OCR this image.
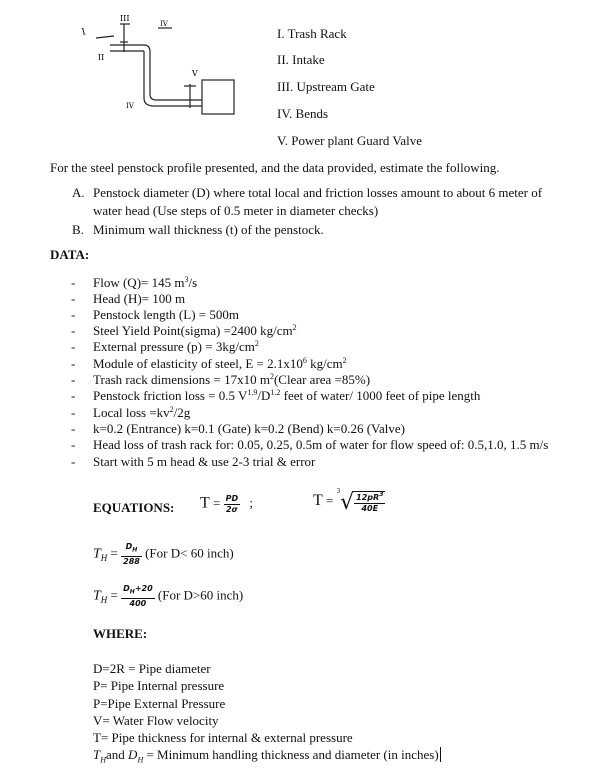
I
III
IV
II
V
IV
I. Trash Rack
II. Intake
III. Upstream Gate
IV. Bends
V. Power plant Guard Valve
For the steel penstock profile presented, and the data provided, estimate the following.
A. Penstock diameter (D) where total local and friction losses amount to about 6 meter of
water head (Use steps of 0.5 meter in diameter checks)
B. Minimum wall thickness (t) of the penstock.
DATA:
- Flow (Q)= 145 $m^3/s$
- Head (H)= 100 m
- Penstock length (L) = 500m
- Steel Yield Point(sigma) =2400 $kg/cm^2$
- External pressure $(p) = 3kg/cm^2$
- Module of elasticity of steel, $E = 2.1x10^6$ $kg/cm^2$
- Trash rack dimensions = 17x10 $m^2(Clear$ area =85%)
- Penstock friction loss = 0.5 $V^{1.9}/D^{1.2}$ feet of water/ 1000 feet of pipe length
- Local loss $=kv^2/2g$
- k=0.2 (Entrance) k=0.1 (Gate) k=0.2 (Bend) k=0.26 (Valve)
- Head loss of trash rack for: 0.05, 0.25, 0.5m of water for flow speed of: 0.5,1.0, 1.5 m/s
- Start with 5 m head & use 2-3 trial & error
EQUATIONS: $T = \frac{PD}{2\sigma}$ ;	$T = ^3√ \frac{12pR^3}{40E}$
$T_H = \frac{D_H}{288} (For$ D< 60 inch)
$T_H = \frac{D_H+20}{400} (For$ D>60 inch)
WHERE:
D=2R = Pipe diameter
P= Pipe Internal pressure
P=Pipe External Pressure
V= Water Flow velocity
T= Pipe thickness for internal & external pressure
$T_Hand$ $D_H$ = Minimum handling thickness and diameter (in inches)
